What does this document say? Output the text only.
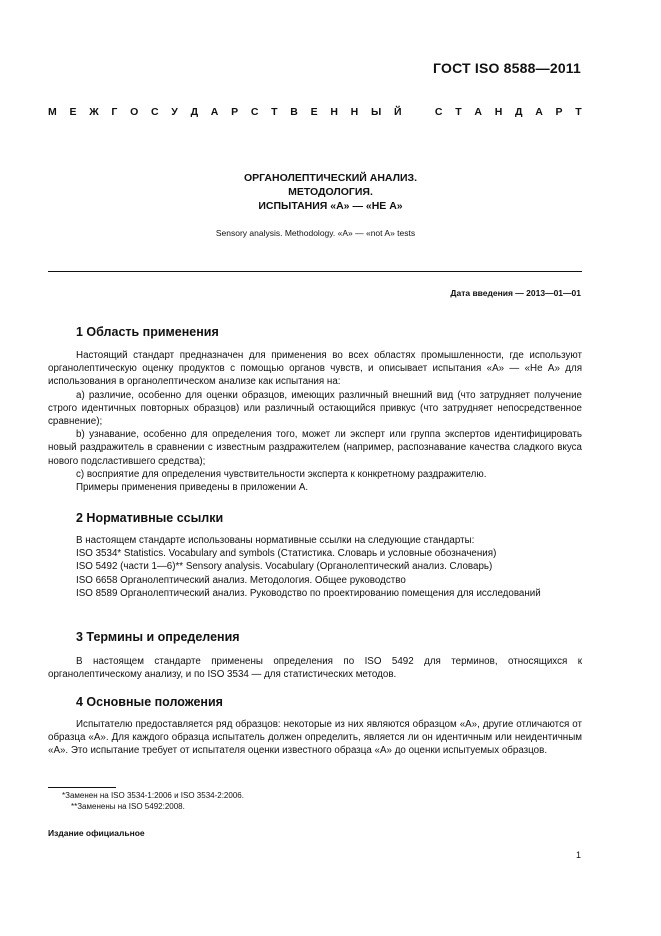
ГОСТ ISO 8588—2011
М Е Ж Г О С У Д А Р С Т В Е Н Н Ы Й	С Т А Н Д А Р Т
ОРГАНОЛЕПТИЧЕСКИЙ АНАЛИЗ.
МЕТОДОЛОГИЯ.
ИСПЫТАНИЯ «А» — «НЕ А»
Sensory analysis. Methodology. «A» — «not A» tests
Дата введения — 2013—01—01
1 Область применения

Настоящий стандарт предназначен для применения во всех областях промышленности, где используют органолептическую оценку продуктов с помощью органов чувств, и описывает испытания «А» — «Не А» для использования в органолептическом анализе как испытания на:

а) различие, особенно для оценки образцов, имеющих различный внешний вид (что затрудняет получение строго идентичных повторных образцов) или различный остающийся привкус (что затрудняет непосредственное сравнение);

b) узнавание, особенно для определения того, может ли эксперт или группа экспертов идентифицировать новый раздражитель в сравнении с известным раздражителем (например, распознавание качества сладкого вкуса нового подсластившего средства);

c) восприятие для определения чувствительности эксперта к конкретному раздражителю.

Примеры применения приведены в приложении А.

2 Нормативные ссылки

В настоящем стандарте использованы нормативные ссылки на следующие стандарты:

ISO 3534* Statistics. Vocabulary and symbols (Статистика. Словарь и условные обозначения)

ISO 5492 (части 1—6)** Sensory analysis. Vocabulary (Органолептический анализ. Словарь)

ISO 6658 Органолептический анализ. Методология. Общее руководство

ISO 8589 Органолептический анализ. Руководство по проектированию помещения для исследований

3 Термины и определения

В настоящем стандарте применены определения по ISO 5492 для терминов, относящихся к органолептическому анализу, и по ISO 3534 — для статистических методов.

4 Основные положения

Испытателю предоставляется ряд образцов: некоторые из них являются образцом «А», другие отличаются от образца «А». Для каждого образца испытатель должен определить, является ли он идентичным или неидентичным «А». Это испытание требует от испытателя оценки известного образца «А» до оценки испытуемых образцов.

*Заменен на ISO 3534-1:2006 и ISO 3534-2:2006.
**Заменены на ISO 5492:2008.
Издание официальное
1
